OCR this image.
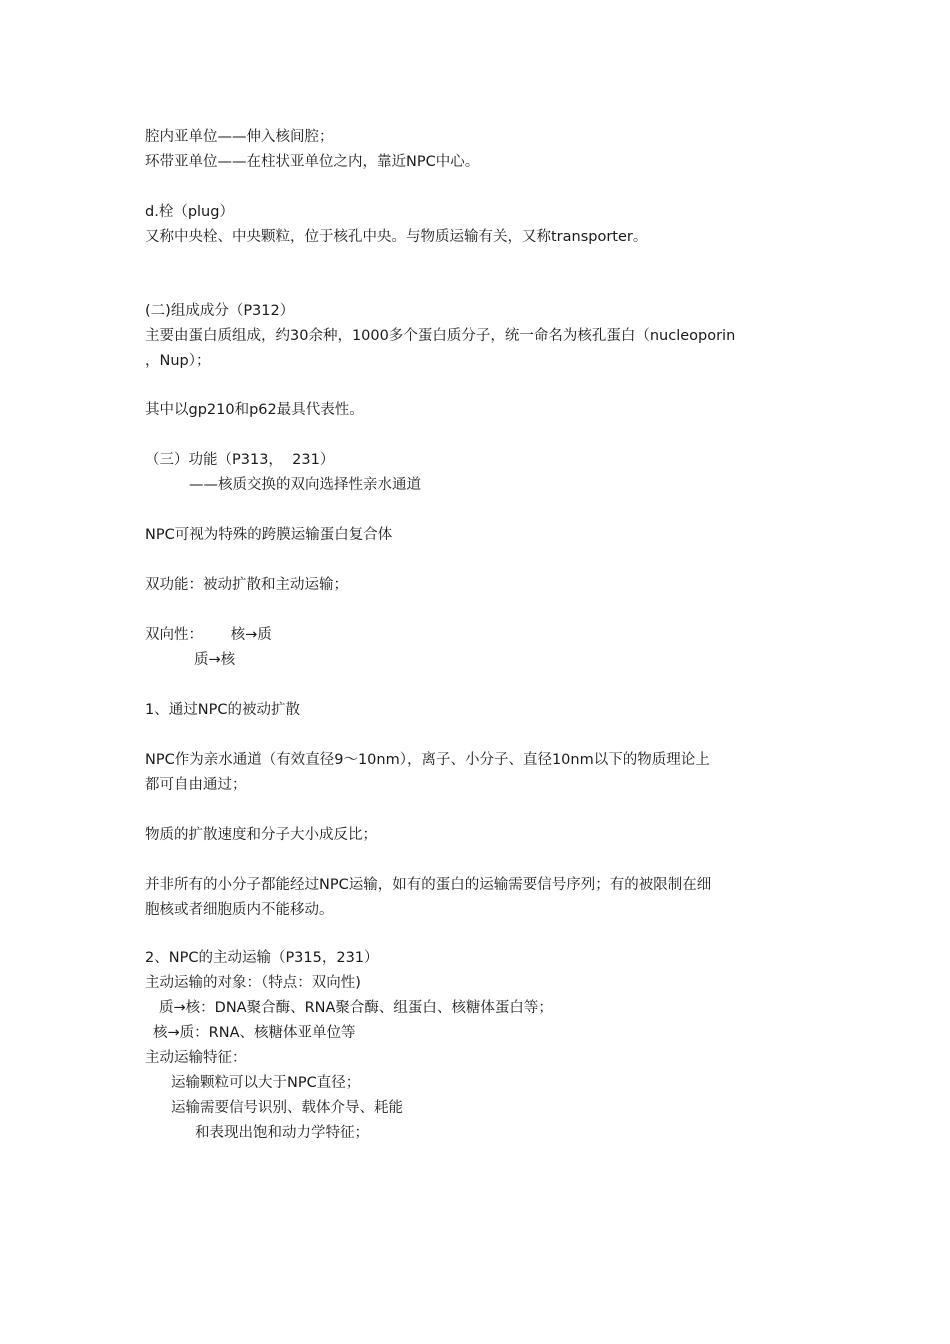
腔内亚单位——伸入核间腔；
环带亚单位——在柱状亚单位之内，靠近NPC中心。
d.栓（plug）
又称中央栓、中央颗粒，位于核孔中央。与物质运输有关，又称transporter。
(二)组成成分（P312）
主要由蛋白质组成，约30余种，1000多个蛋白质分子，统一命名为核孔蛋白（nucleoporin
，Nup）；
其中以gp210和p62最具代表性。
（三）功能（P313，  231）
——核质交换的双向选择性亲水通道
NPC可视为特殊的跨膜运输蛋白复合体
双功能：被动扩散和主动运输；
双向性：      核→质
质→核
1、通过NPC的被动扩散
NPC作为亲水通道（有效直径9～10nm），离子、小分子、直径10nm以下的物质理论上
都可自由通过；
物质的扩散速度和分子大小成反比；
并非所有的小分子都能经过NPC运输，如有的蛋白的运输需要信号序列；有的被限制在细
胞核或者细胞质内不能移动。
2、NPC的主动运输（P315，231）
主动运输的对象：（特点：双向性)
质→核：DNA聚合酶、RNA聚合酶、组蛋白、核糖体蛋白等；
核→质：RNA、核糖体亚单位等
主动运输特征：
运输颗粒可以大于NPC直径；
运输需要信号识别、载体介导、耗能
和表现出饱和动力学特征；
